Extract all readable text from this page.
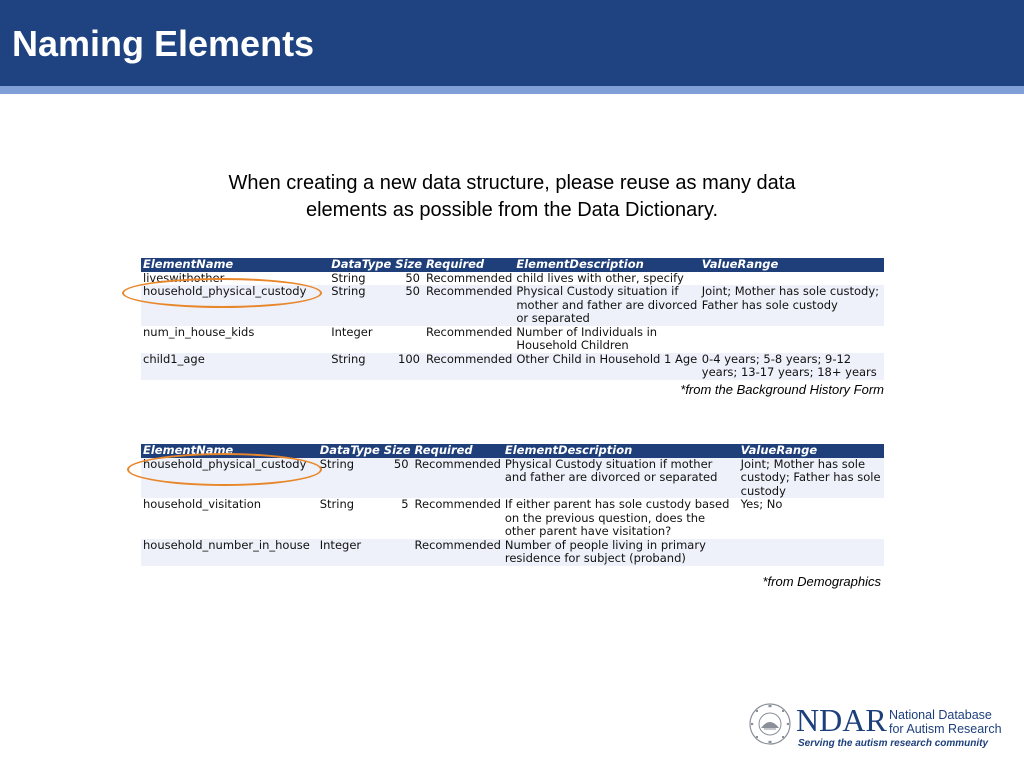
Naming Elements
When creating a new data structure, please reuse as many data
elements as possible from the Data Dictionary.
ElementName	DataType	Size	Required	ElementDescription	ValueRange
liveswithother	String	50	Recommended	child lives with other, specify	
household_physical_custody	String	50	Recommended	Physical Custody situation if mother and father are divorced or separated	Joint; Mother has sole custody; Father has sole custody
num_in_house_kids	Integer		Recommended	Number of Individuals in Household Children	
child1_age	String	100	Recommended	Other Child in Household 1 Age	0-4 years; 5-8 years; 9-12 years; 13-17 years; 18+ years
*from the Background History Form
ElementName	DataType	Size	Required	ElementDescription	ValueRange
household_physical_custody	String	50	Recommended	Physical Custody situation if mother and father are divorced or separated	Joint; Mother has sole custody; Father has sole custody
household_visitation	String	5	Recommended	If either parent has sole custody based on the previous question, does the other parent have visitation?	Yes; No
household_number_in_house	Integer		Recommended	Number of people living in primary residence for subject (proband)	
*from Demographics
NDAR National Database
for Autism Research
Serving the autism research community
